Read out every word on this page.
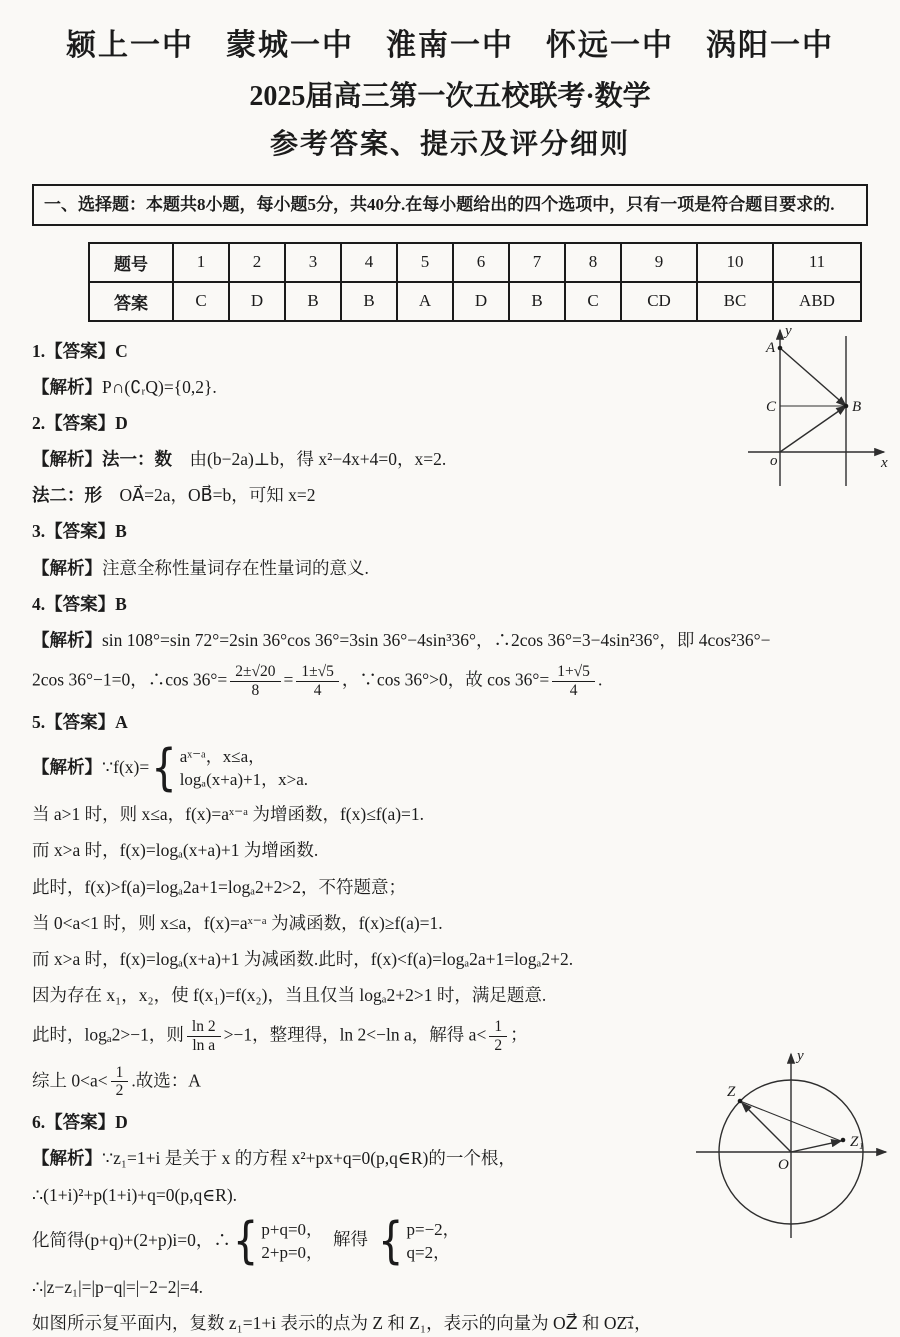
颍上一中　蒙城一中　淮南一中　怀远一中　涡阳一中
2025届高三第一次五校联考·数学
参考答案、提示及评分细则
一、选择题：本题共8小题，每小题5分，共40分.在每小题给出的四个选项中，只有一项是符合题目要求的.
题号	1	2	3	4	5	6	7	8	9	10	11
答案	C	D	B	B	A	D	B	C	CD	BC	ABD

1.【答案】C

【解析】P∩(∁ᵣQ)={0,2}.

2.【答案】D

【解析】法一：数　由(b−2a)⊥b，得 x²−4x+4=0，x=2.

法二：形　OA⃗=2a，OB⃗=b，可知 x=2

3.【答案】B

【解析】注意全称性量词存在性量词的意义.

4.【答案】B

【解析】sin 108°=sin 72°=2sin 36°cos 36°=3sin 36°−4sin³36°，∴2cos 36°=3−4sin²36°，即 4cos²36°−

2cos 36°−1=0，∴cos $36^\circ= \frac{2\pm√20}{8} = \frac{1\pm√5}{4}$ ，∵cos 36°>0，故 $\cos 36^\circ= \frac{1+√5}{4}$ .

5.【答案】A

【解析】∵f(x)= { aˣ⁻ᵃ，x≤a，
logₐ(x+a)+1，x>a.

当 a>1 时，则 x≤a，f(x)=aˣ⁻ᵃ 为增函数，f(x)≤f(a)=1.

而 x>a 时，f(x)=logₐ(x+a)+1 为增函数.

此时，f(x)>f(a)=logₐ2a+1=logₐ2+2>2，不符题意；

当 0<a<1 时，则 x≤a，f(x)=aˣ⁻ᵃ 为减函数，f(x)≥f(a)=1.

而 x>a 时，f(x)=logₐ(x+a)+1 为减函数.此时，f(x)<f(a)=logₐ2a+1=logₐ2+2.

因为存在 x₁，x₂，使 f(x₁)=f(x₂)，当且仅当 logₐ2+2>1 时，满足题意.

此时，logₐ2>−1，则 $\frac{\ln 2}{\text{ln a}} >-1$，整理得，ln 2<−ln a，解得 $a< \frac{1}{2}$ ；

综上 $0<a< \frac{1}{2}$ .故选：A

6.【答案】D

【解析】∵z₁=1+i 是关于 x 的方程 x²+px+q=0(p,q∈R)的一个根，

∴(1+i)²+p(1+i)+q=0(p,q∈R).

化简得(p+q)+(2+p)i=0，∴ { p+q=0，
2+p=0，
解得 { p=−2，
q=2，

∴|z−z₁|=|p−q|=|−2−2|=4.

如图所示复平面内，复数 z₁=1+i 表示的点为 Z 和 Z₁，表示的向量为 OZ⃗ 和 OZ₁⃗，

y
x
A
C	B
o
y
Z
Z₁
O
